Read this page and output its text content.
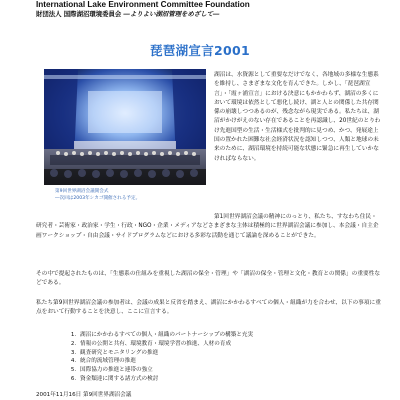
International Lake Environment Committee Foundation
財団法人 国際湖沼環境委員会 ―よりよい湖沼管理をめざして―
琵琶湖宣言2001
第9回世界湖沼会議開会式
―次回は2003年シカゴ開催される予定。
湖沼は、水資源として重要なだけでなく、各地域の多様な生態系を維持し、さまざまな文化を育んできた。しかし、「琵琶湖宣言」・「霞ヶ浦宣言」における決意にもかかわらず、湖沼の多くにおいて環境は依然として悪化し続け、湖と人との関係した共存関係の崩壊しつつあるのが、残念ながら現実である。私たちは、湖沼がかけがえのない存在であることを再認識し、20世紀のとりわけ先進国型の生活・生活様式を批判的に見つめ、かつ、発展途上国の置かれた困難な社会経済状況を認知しつつ、人類と地球の未来のために、湖沼環境を持続可能な状態に緊急に再生していかなければならない。
第1回世界湖沼会議の精神にのっとり、私たち、すなわち住民・研究者・芸術家・政治家・学生・行政・NGO・企業・メディアなどさまざまな主体は積極的に世界湖沼会議に参加し、本会議・自主企画ワークショップ・自由会議・サイドプログラムなどにおける多彩な活動を通じて議論を深めることができた。
その中で提起されたものは、「生態系の仕組みを重視した湖沼の保全・管理」や「湖沼の保全・管理と文化・教育との関係」の重要性などである。
私たち第9回世界湖沼会議の参加者は、会議の成果と反省を踏まえ、湖沼にかかわるすべての個人・組織が力を合わせ、以下の事項に重点をおいて行動することを決意し、ここに宣言する。
1. 湖沼にかかわるすべての個人・組織のパートナーシップの構築と充実
2. 情報の公開と共有、環境教育・環境学習の推進、人材の育成
3. 観査研究とモニタリングの推進
4. 統合的流域管理の推進
5. 国際協力の推進と連帯の強立
6. 資金類達に関する諸方式の検討
2001年11月16日 第9回世界湖沼会議
